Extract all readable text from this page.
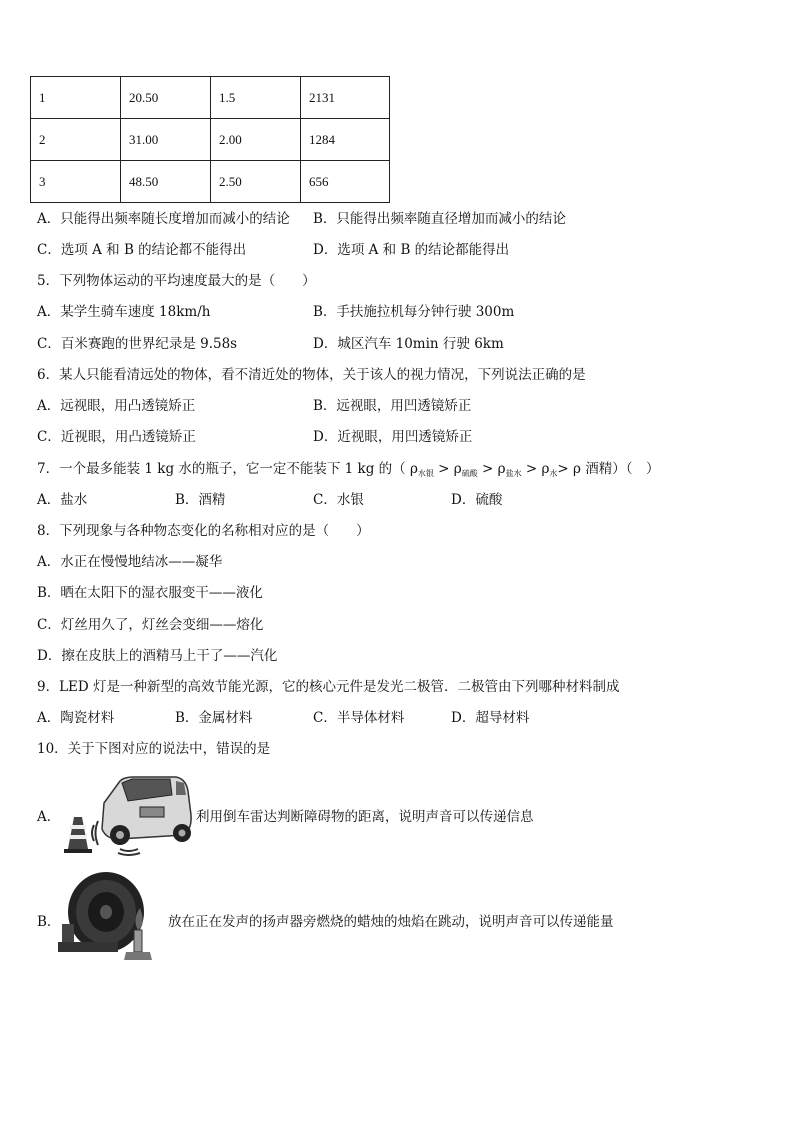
1	20.50	1.5	2131
2	31.00	2.00	1284
3	48.50	2.50	656
A．只能得出频率随长度增加而减小的结论 B．只能得出频率随直径增加而减小的结论
C．选项 A 和 B 的结论都不能得出	D．选项 A 和 B 的结论都能得出
5．下列物体运动的平均速度最大的是（　　）
A．某学生骑车速度 18km/h	B．手扶施拉机每分钟行驶 300m
C．百米赛跑的世界纪录是 9.58s	D．城区汽车 10min 行驶 6km
6．某人只能看清远处的物体，看不清近处的物体，关于该人的视力情况，下列说法正确的是
A．远视眼，用凸透镜矫正	B．远视眼，用凹透镜矫正
C．近视眼，用凸透镜矫正	D．近视眼，用凹透镜矫正
7．一个最多能装 1 kg 水的瓶子，它一定不能装下 1 kg 的（ $\rho_{水银} > \rho_{硫酸} > \rho_{盐水} > \rho_水> \rho$ 酒精）（　）
A．盐水	B．酒精	C．水银	D．硫酸
8．下列现象与各种物态变化的名称相对应的是（　　）
A．水正在慢慢地结冰——凝华
B．晒在太阳下的湿衣服变干——液化
C．灯丝用久了，灯丝会变细——熔化
D．擦在皮肤上的酒精马上干了——汽化
9．LED 灯是一种新型的高效节能光源，它的核心元件是发光二极管．二极管由下列哪种材料制成
A．陶瓷材料	B．金属材料	C．半导体材料	D．超导材料
10．关于下图对应的说法中，错误的是
A．	利用倒车雷达判断障碍物的距离，说明声音可以传递信息
B．	放在正在发声的扬声器旁燃烧的蜡烛的烛焰在跳动，说明声音可以传递能量
